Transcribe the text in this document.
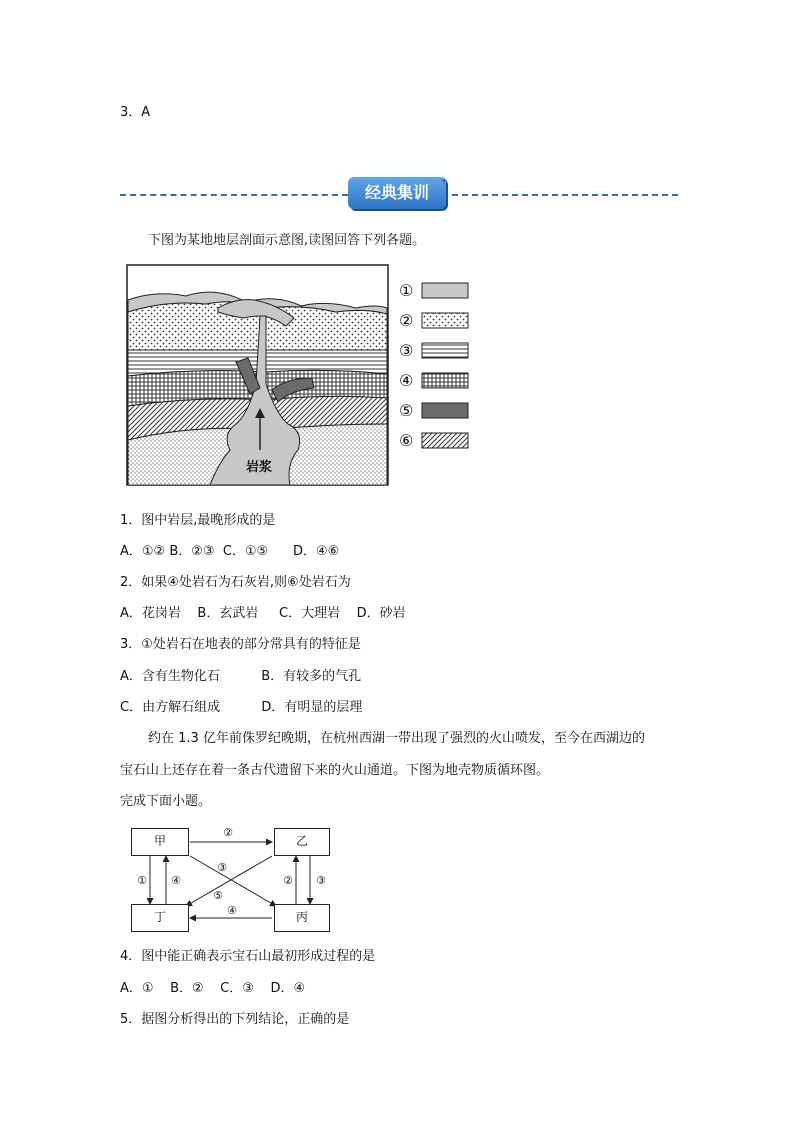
3．A
经典集训
✦
下图为某地地层剖面示意图,读图回答下列各题。
岩浆
①
②
③
④
⑤
⑥
1．图中岩层,最晚形成的是
A．①② B．②③  C．①⑤      D．④⑥
2．如果④处岩石为石灰岩,则⑥处岩石为
A．花岗岩    B．玄武岩     C．大理岩    D．砂岩
3．①处岩石在地表的部分常具有的特征是
A．含有生物化石          B．有较多的气孔
C．由方解石组成          D．有明显的层理
约在 1.3 亿年前侏罗纪晚期，在杭州西湖一带出现了强烈的火山喷发，至今在西湖边的
宝石山上还存在着一条古代遗留下来的火山通道。下图为地壳物质循环图。
完成下面小题。
②
③
⑤
① ④	② ③
④
甲	乙
丁	丙
4．图中能正确表示宝石山最初形成过程的是
A．①    B．②    C．③    D．④
5．据图分析得出的下列结论，正确的是
